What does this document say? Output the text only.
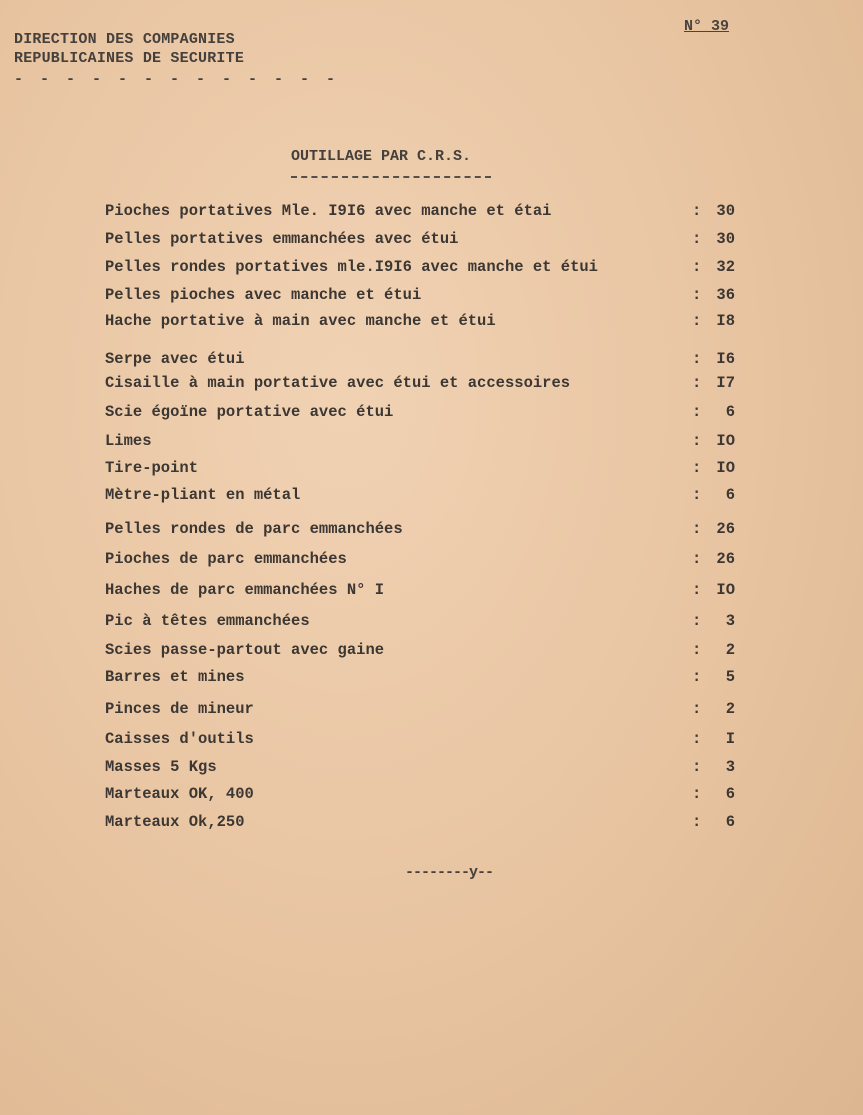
DIRECTION DES COMPAGNIES
REPUBLICAINES DE SECURITE
- - - - - - - - - - - - -
N° 39
OUTILLAGE PAR C.R.S.
Pioches portatives Mle. I9I6 avec manche et étai	: 30
Pelles portatives emmanchées avec étui	: 30
Pelles rondes portatives mle.I9I6 avec manche et étui	: 32
Pelles pioches avec manche et étui	: 36
Hache portative à main avec manche et étui	: I8
Serpe avec étui	: I6
Cisaille à main portative avec étui et accessoires	: I7
Scie égoïne portative avec étui	: 6
Limes	: IO
Tire-point	: IO
Mètre-pliant en métal	: 6
Pelles rondes de parc emmanchées	: 26
Pioches de parc emmanchées	: 26
Haches de parc emmanchées N° I	: IO
Pic à têtes emmanchées	: 3
Scies passe-partout avec gaine	: 2
Barres et mines	: 5
Pinces de mineur	: 2
Caisses d'outils	: I
Masses 5 Kgs	: 3
Marteaux OK, 400	: 6
Marteaux Ok,250	: 6
--------y--
